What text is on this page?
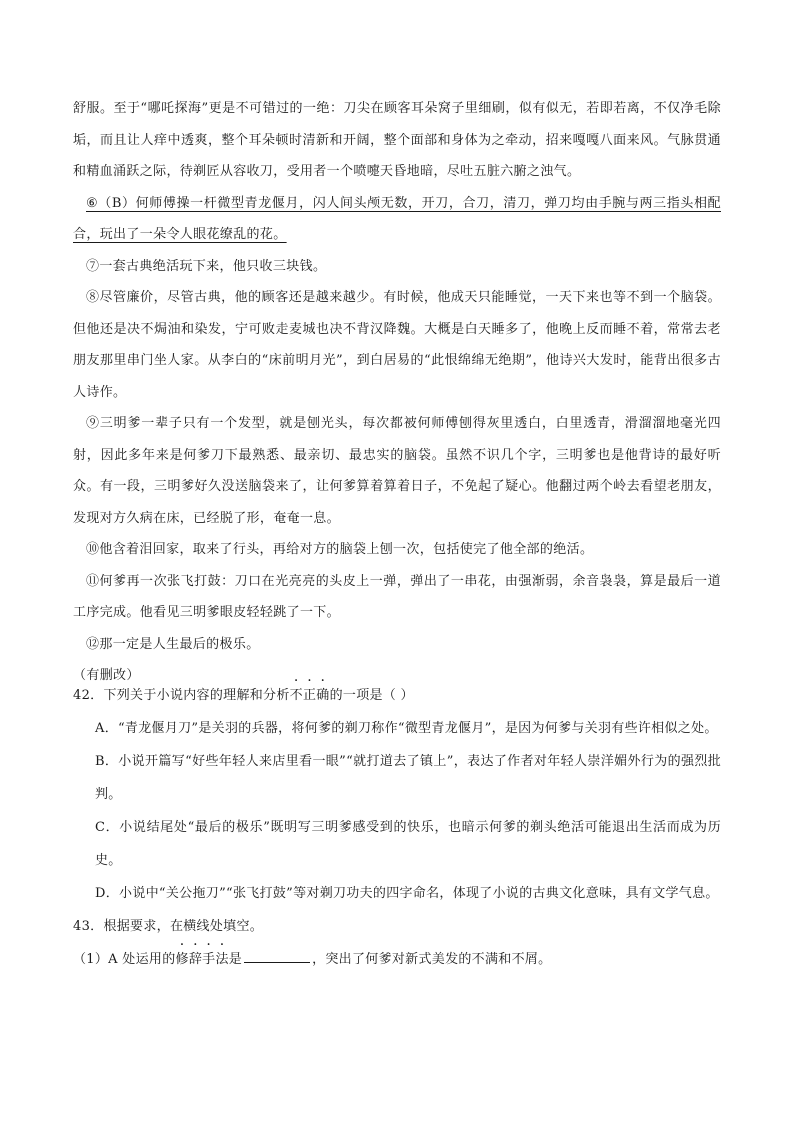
舒服。至于“哪吒探海”更是不可错过的一绝：刀尖在顾客耳朵窝子里细刷，似有似无，若即若离，不仅净毛除垢，而且让人痒中透爽，整个耳朵顿时清新和开阔，整个面部和身体为之牵动，招来嘎嘎八面来风。气脉贯通和精血涌跃之际，待剃匠从容收刀，受用者一个喷嚏天昏地暗，尽吐五脏六腑之浊气。

⑥（B）何师傅操一杆微型青龙偃月，闪人间头颅无数，开刀，合刀，清刀，弹刀均由手腕与两三指头相配合，玩出了一朵令人眼花缭乱的花。

⑦一套古典绝活玩下来，他只收三块钱。

⑧尽管廉价，尽管古典，他的顾客还是越来越少。有时候，他成天只能睡觉，一天下来也等不到一个脑袋。但他还是决不焗油和染发，宁可败走麦城也决不背汉降魏。大概是白天睡多了，他晚上反而睡不着，常常去老朋友那里串门坐人家。从李白的“床前明月光”，到白居易的“此恨绵绵无绝期”，他诗兴大发时，能背出很多古人诗作。

⑨三明爹一辈子只有一个发型，就是刨光头，每次都被何师傅刨得灰里透白，白里透青，滑溜溜地毫光四射，因此多年来是何爹刀下最熟悉、最亲切、最忠实的脑袋。虽然不识几个字，三明爹也是他背诗的最好听众。有一段，三明爹好久没送脑袋来了，让何爹算着算着日子，不免起了疑心。他翻过两个岭去看望老朋友，发现对方久病在床，已经脱了形，奄奄一息。

⑩他含着泪回家，取来了行头，再给对方的脑袋上刨一次，包括使完了他全部的绝活。

⑪何爹再一次张飞打鼓：刀口在光亮亮的头皮上一弹，弹出了一串花，由强渐弱，余音袅袅，算是最后一道工序完成。他看见三明爹眼皮轻轻跳了一下。

⑫那一定是人生最后的极乐。

（有删改）

42．下列关于小说内容的理解和分析不正确的一项是（ ）

A．“青龙偃月刀”是关羽的兵器，将何爹的剃刀称作“微型青龙偃月”，是因为何爹与关羽有些许相似之处。

B．小说开篇写“好些年轻人来店里看一眼”“就打道去了镇上”，表达了作者对年轻人崇洋媚外行为的强烈批判。

C．小说结尾处“最后的极乐”既明写三明爹感受到的快乐，也暗示何爹的剃头绝活可能退出生活而成为历史。

D．小说中“关公拖刀”“张飞打鼓”等对剃刀功夫的四字命名，体现了小说的古典文化意味，具有文学气息。

43．根据要求，在横线处填空。

（1）A 处运用的修辞手法是	，突出了何爹对新式美发的不满和不屑。
